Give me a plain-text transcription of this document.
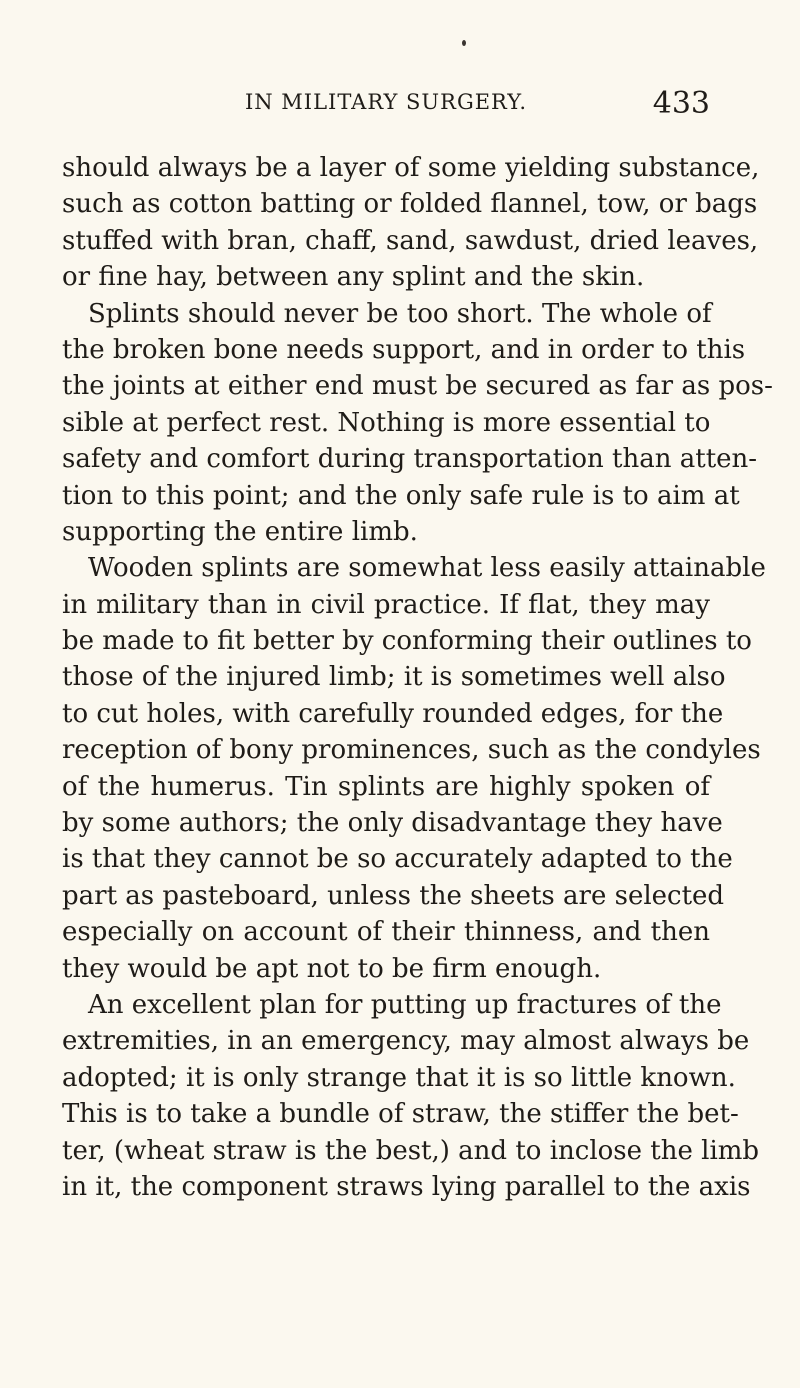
IN MILITARY SURGERY.	433
should always be a layer of some yielding substance,
such as cotton batting or folded flannel, tow, or bags
stuffed with bran, chaff, sand, sawdust, dried leaves,
or fine hay, between any splint and the skin.
Splints should never be too short. The whole of
the broken bone needs support, and in order to this
the joints at either end must be secured as far as pos-
sible at perfect rest. Nothing is more essential to
safety and comfort during transportation than atten-
tion to this point; and the only safe rule is to aim at
supporting the entire limb.
Wooden splints are somewhat less easily attainable
in military than in civil practice. If flat, they may
be made to fit better by conforming their outlines to
those of the injured limb; it is sometimes well also
to cut holes, with carefully rounded edges, for the
reception of bony prominences, such as the condyles
of the humerus. Tin splints are highly spoken of
by some authors; the only disadvantage they have
is that they cannot be so accurately adapted to the
part as pasteboard, unless the sheets are selected
especially on account of their thinness, and then
they would be apt not to be firm enough.
An excellent plan for putting up fractures of the
extremities, in an emergency, may almost always be
adopted; it is only strange that it is so little known.
This is to take a bundle of straw, the stiffer the bet-
ter, (wheat straw is the best,) and to inclose the limb
in it, the component straws lying parallel to the axis
